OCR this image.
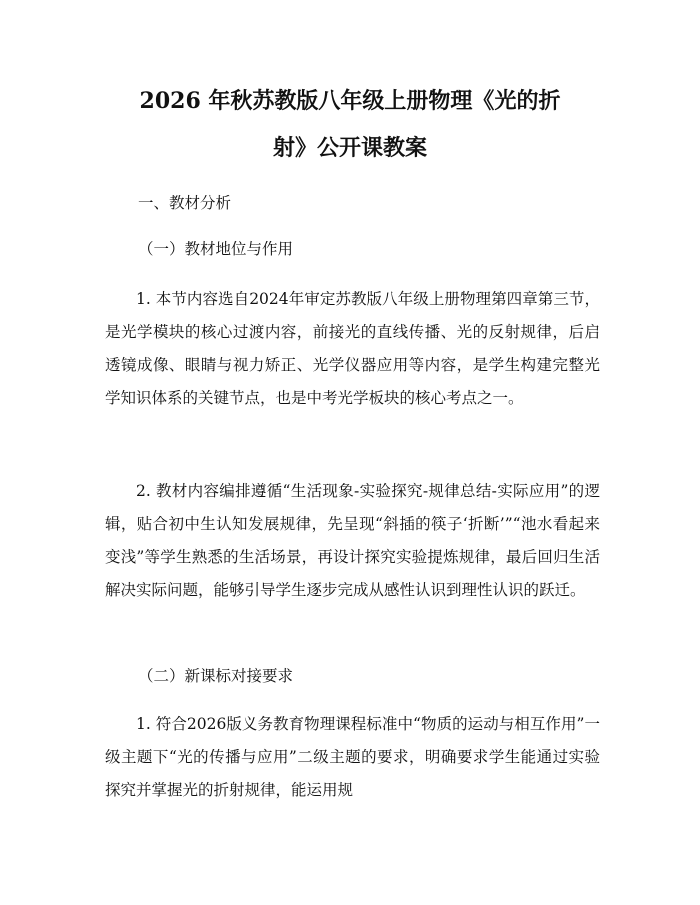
2026 年秋苏教版八年级上册物理《光的折
射》公开课教案
一、教材分析
（一）教材地位与作用

1. 本节内容选自2024年审定苏教版八年级上册物理第四章第三节，是光学模块的核心过渡内容，前接光的直线传播、光的反射规律，后启透镜成像、眼睛与视力矫正、光学仪器应用等内容，是学生构建完整光学知识体系的关键节点，也是中考光学板块的核心考点之一。

2. 教材内容编排遵循“生活现象-实验探究-规律总结-实际应用”的逻辑，贴合初中生认知发展规律，先呈现“斜插的筷子‘折断’”“池水看起来变浅”等学生熟悉的生活场景，再设计探究实验提炼规律，最后回归生活解决实际问题，能够引导学生逐步完成从感性认识到理性认识的跃迁。

（二）新课标对接要求

1. 符合2026版义务教育物理课程标准中“物质的运动与相互作用”一级主题下“光的传播与应用”二级主题的要求，明确要求学生能通过实验探究并掌握光的折射规律，能运用规
